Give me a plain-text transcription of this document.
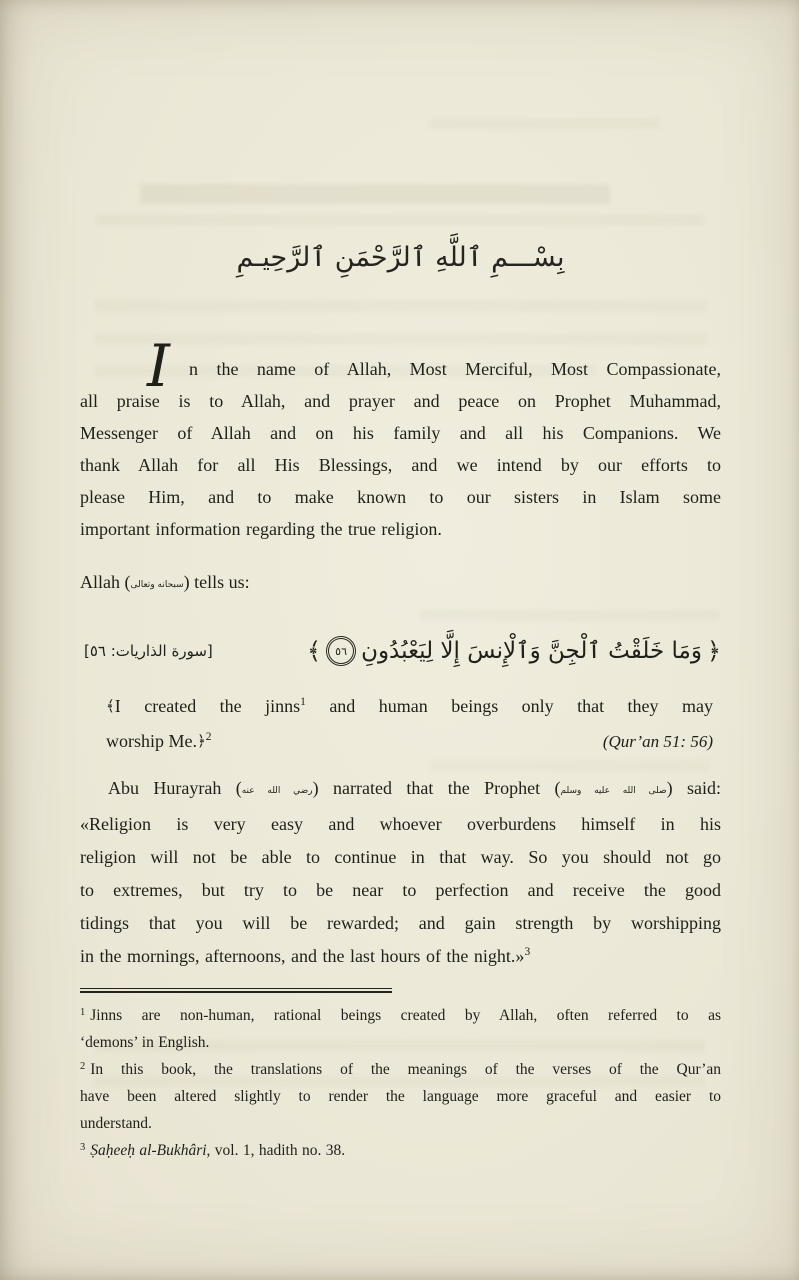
بِسْـــمِ ٱللَّهِ ٱلرَّحْمَنِ ٱلرَّحِيـمِ
I	n the name of Allah, Most Merciful, Most Compassionate,
all praise is to Allah, and prayer and peace on Prophet Muhammad,
Messenger of Allah and on his family and all his Companions. We
thank Allah for all His Blessings, and we intend by our efforts to
please Him, and to make known to our sisters in Islam some
important information regarding the true religion.
Allah (سبحانه وتعالى) tells us:
[سورة الذاريات: ٥٦]	﴿
وَمَا خَلَقْتُ ٱلْجِنَّ وَٱلْإِنسَ إِلَّا لِيَعْبُدُونِ
٥٦
﴾
﴾I created the jinns$^1$ and human beings only that they may
worship Me.﴿$^2$	(Qur’an 51: 56)
Abu Hurayrah (رضي الله عنه) narrated that the Prophet (صلى الله عليه وسلم) said:
«Religion is very easy and whoever overburdens himself in his
religion will not be able to continue in that way. So you should not go
to extremes, but try to be near to perfection and receive the good
tidings that you will be rewarded; and gain strength by worshipping
in the mornings, afternoons, and the last hours of the night.»$^3$
$^1$ Jinns are non-human, rational beings created by Allah, often referred to as
‘demons’ in English.
$^2$ In this book, the translations of the meanings of the verses of the Qur’an
have been altered slightly to render the language more graceful and easier to
understand.
$^3$ Ṣaḥeeḥ al-Bukhâri, vol. 1, hadith no. 38.
